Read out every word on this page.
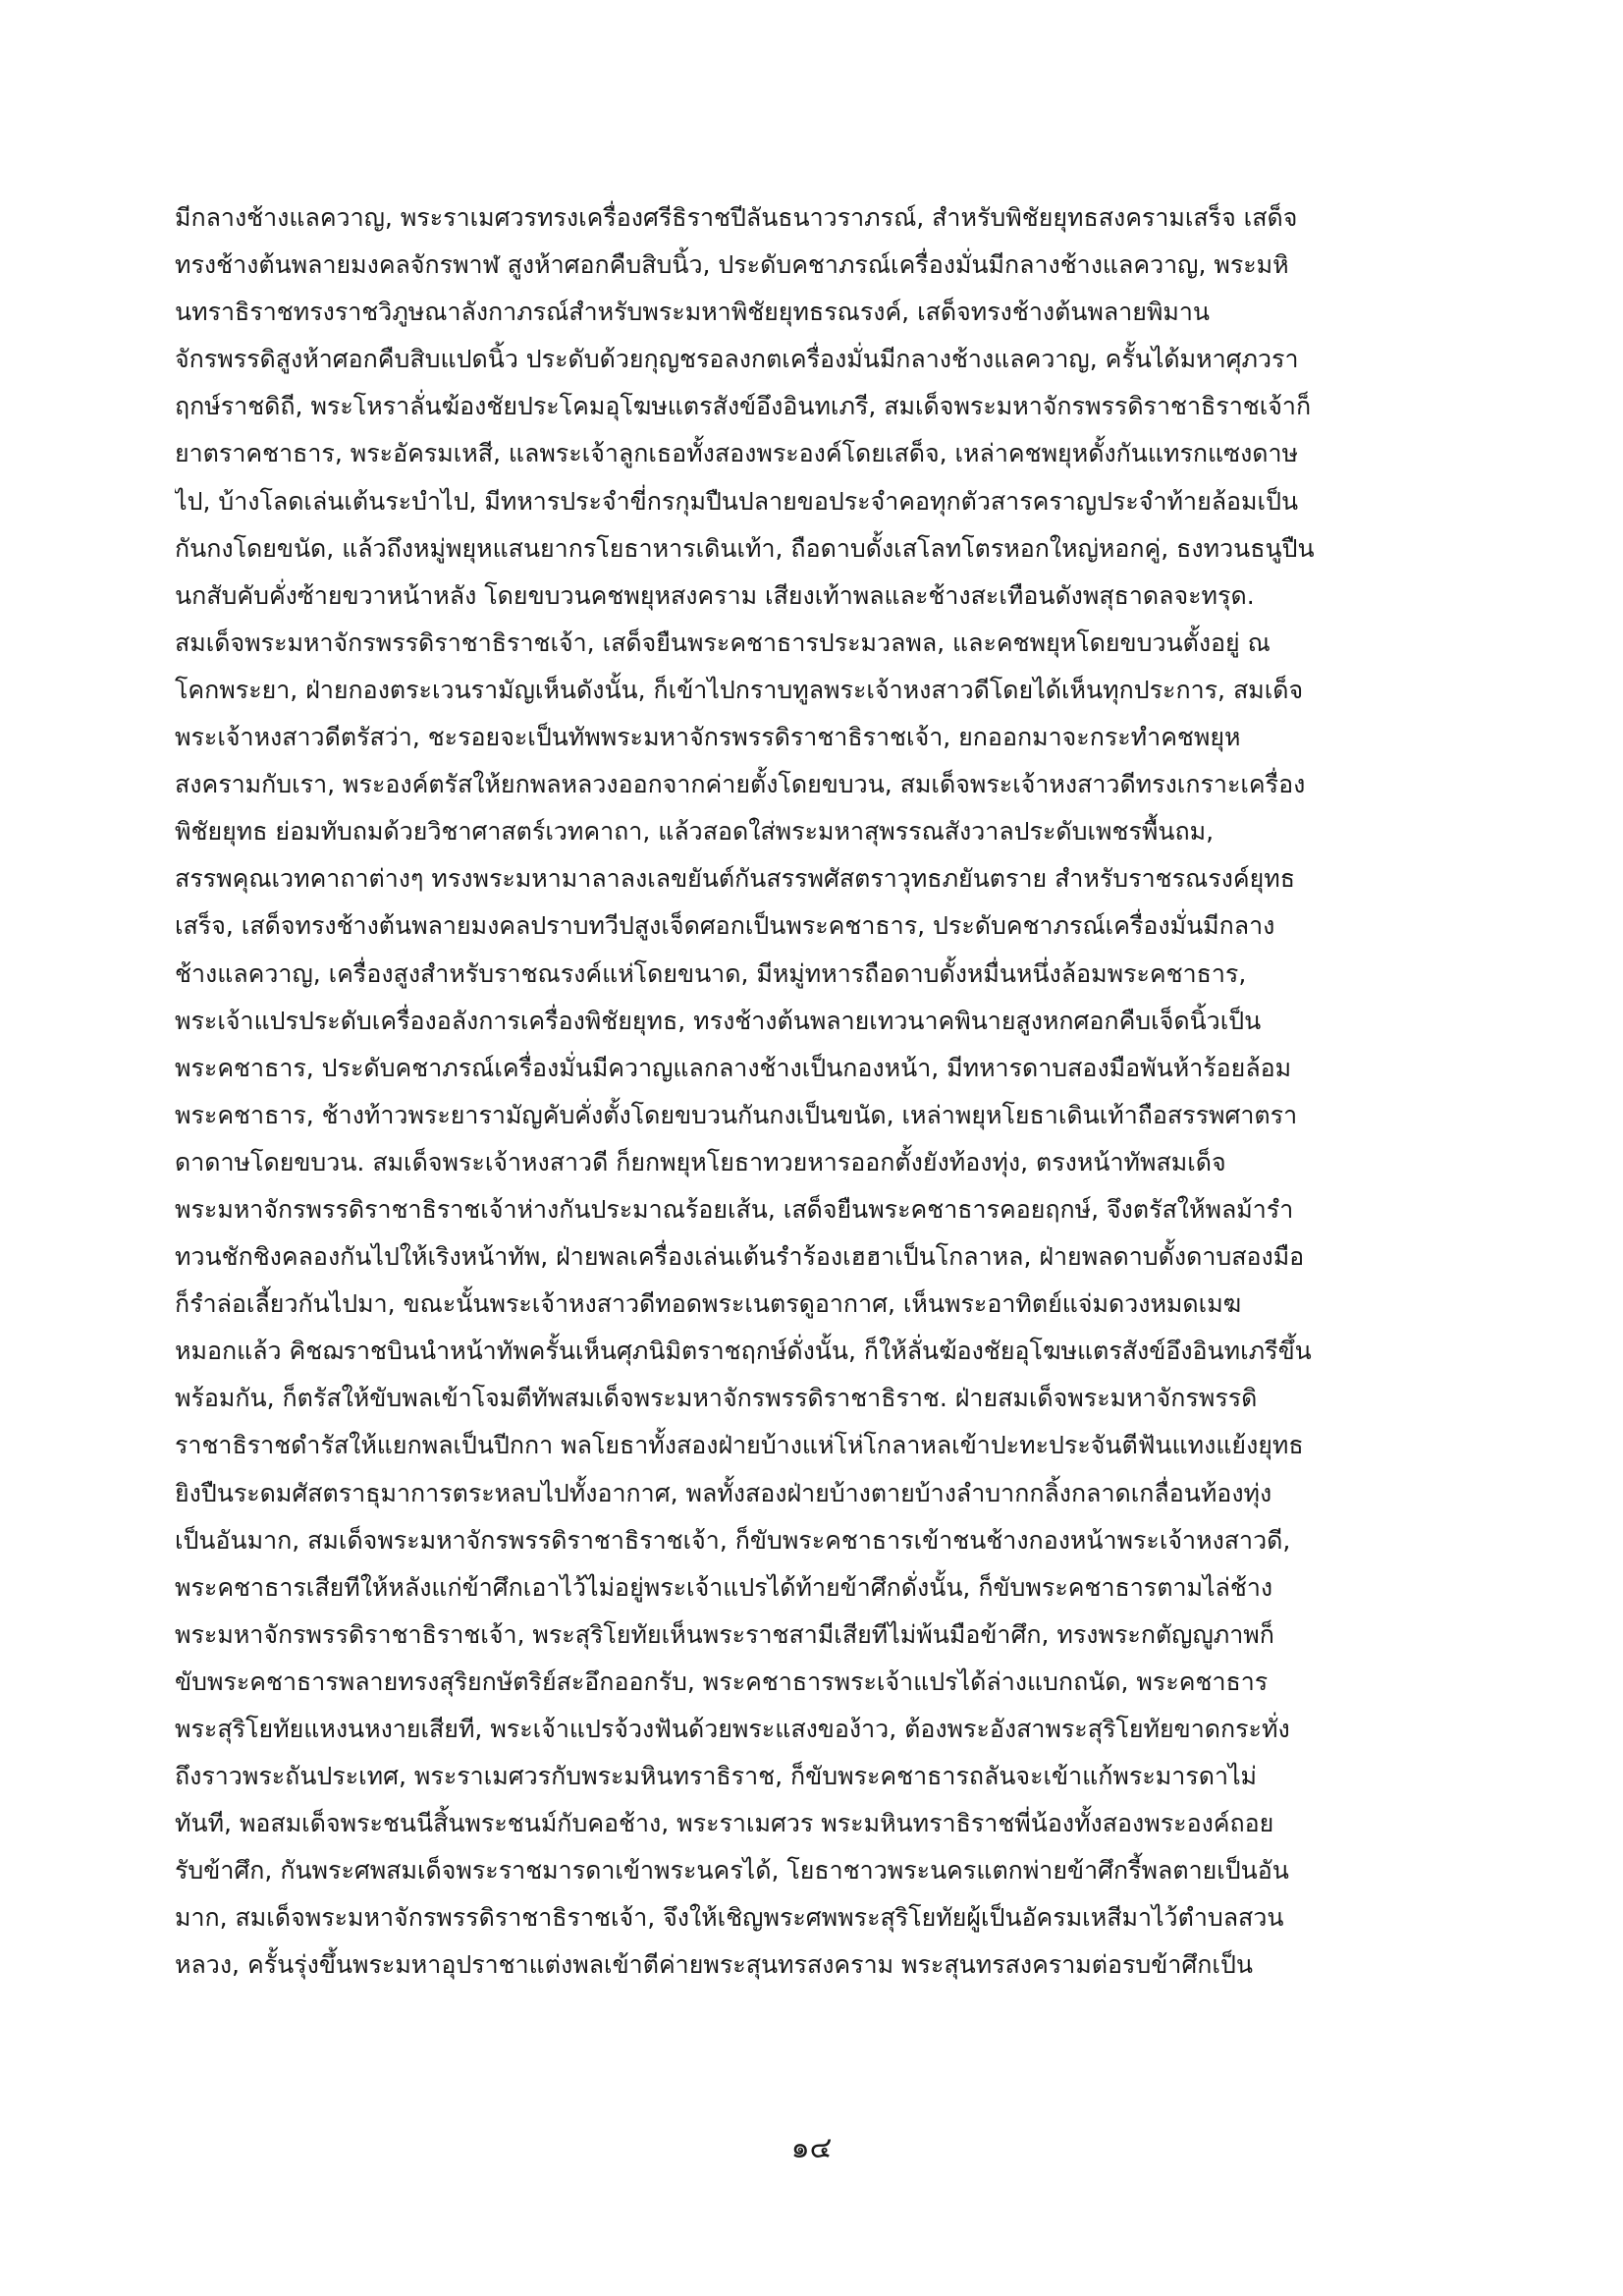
มีกลางช้างแลควาญ, พระราเมศวรทรงเครื่องศรีธิราชปีลันธนาวราภรณ์, สำหรับพิชัยยุทธสงครามเสร็จ เสด็จ
ทรงช้างต้นพลายมงคลจักรพาฬ สูงห้าศอกคืบสิบนิ้ว, ประดับคชาภรณ์เครื่องมั่นมีกลางช้างแลควาญ, พระมหิ
นทราธิราชทรงราชวิภูษณาลังกาภรณ์สำหรับพระมหาพิชัยยุทธรณรงค์, เสด็จทรงช้างต้นพลายพิมาน
จักรพรรดิสูงห้าศอกคืบสิบแปดนิ้ว ประดับด้วยกุญชรอลงกตเครื่องมั่นมีกลางช้างแลควาญ, ครั้นได้มหาศุภวรา
ฤกษ์ราชดิถี, พระโหราลั่นฆ้องชัยประโคมอุโฆษแตรสังข์อึงอินทเภรี, สมเด็จพระมหาจักรพรรดิราชาธิราชเจ้าก็
ยาตราคชาธาร, พระอัครมเหสี, แลพระเจ้าลูกเธอทั้งสองพระองค์โดยเสด็จ, เหล่าคชพยุหดั้งกันแทรกแซงดาษ
ไป, บ้างโลดเล่นเต้นระบำไป, มีทหารประจำขี่กรกุมปืนปลายขอประจำคอทุกตัวสารคราญประจำท้ายล้อมเป็น
กันกงโดยขนัด, แล้วถึงหมู่พยุหแสนยากรโยธาหารเดินเท้า, ถือดาบดั้งเสโลทโตรหอกใหญ่หอกคู่, ธงทวนธนูปืน
นกสับคับคั่งซ้ายขวาหน้าหลัง โดยขบวนคชพยุหสงคราม เสียงเท้าพลและช้างสะเทือนดังพสุธาดลจะทรุด.
สมเด็จพระมหาจักรพรรดิราชาธิราชเจ้า, เสด็จยืนพระคชาธารประมวลพล, และคชพยุหโดยขบวนตั้งอยู่ ณ
โคกพระยา, ฝ่ายกองตระเวนรามัญเห็นดังนั้น, ก็เข้าไปกราบทูลพระเจ้าหงสาวดีโดยได้เห็นทุกประการ, สมเด็จ
พระเจ้าหงสาวดีตรัสว่า, ชะรอยจะเป็นทัพพระมหาจักรพรรดิราชาธิราชเจ้า, ยกออกมาจะกระทำคชพยุห
สงครามกับเรา, พระองค์ตรัสให้ยกพลหลวงออกจากค่ายตั้งโดยขบวน, สมเด็จพระเจ้าหงสาวดีทรงเกราะเครื่อง
พิชัยยุทธ ย่อมทับถมด้วยวิชาศาสตร์เวทคาถา, แล้วสอดใส่พระมหาสุพรรณสังวาลประดับเพชรพื้นถม,
สรรพคุณเวทคาถาต่างๆ ทรงพระมหามาลาลงเลขยันต์กันสรรพศัสตราวุทธภยันตราย สำหรับราชรณรงค์ยุทธ
เสร็จ, เสด็จทรงช้างต้นพลายมงคลปราบทวีปสูงเจ็ดศอกเป็นพระคชาธาร, ประดับคชาภรณ์เครื่องมั่นมีกลาง
ช้างแลควาญ, เครื่องสูงสำหรับราชณรงค์แห่โดยขนาด, มีหมู่ทหารถือดาบดั้งหมื่นหนึ่งล้อมพระคชาธาร,
พระเจ้าแปรประดับเครื่องอลังการเครื่องพิชัยยุทธ, ทรงช้างต้นพลายเทวนาคพินายสูงหกศอกคืบเจ็ดนิ้วเป็น
พระคชาธาร, ประดับคชาภรณ์เครื่องมั่นมีควาญแลกลางช้างเป็นกองหน้า, มีทหารดาบสองมือพันห้าร้อยล้อม
พระคชาธาร, ช้างท้าวพระยารามัญคับคั่งตั้งโดยขบวนกันกงเป็นขนัด, เหล่าพยุหโยธาเดินเท้าถือสรรพศาตรา
ดาดาษโดยขบวน. สมเด็จพระเจ้าหงสาวดี ก็ยกพยุหโยธาทวยหารออกตั้งยังท้องทุ่ง, ตรงหน้าทัพสมเด็จ
พระมหาจักรพรรดิราชาธิราชเจ้าห่างกันประมาณร้อยเส้น, เสด็จยืนพระคชาธารคอยฤกษ์, จึงตรัสให้พลม้ารำ
ทวนชักชิงคลองกันไปให้เริงหน้าทัพ, ฝ่ายพลเครื่องเล่นเต้นรำร้องเฮฮาเป็นโกลาหล, ฝ่ายพลดาบดั้งดาบสองมือ
ก็รำล่อเลี้ยวกันไปมา, ขณะนั้นพระเจ้าหงสาวดีทอดพระเนตรดูอากาศ, เห็นพระอาทิตย์แจ่มดวงหมดเมฆ
หมอกแล้ว คิชฌราชบินนำหน้าทัพครั้นเห็นศุภนิมิตราชฤกษ์ดั่งนั้น, ก็ให้ลั่นฆ้องชัยอุโฆษแตรสังข์อึงอินทเภรีขึ้น
พร้อมกัน, ก็ตรัสให้ขับพลเข้าโจมตีทัพสมเด็จพระมหาจักรพรรดิราชาธิราช. ฝ่ายสมเด็จพระมหาจักรพรรดิ
ราชาธิราชดำรัสให้แยกพลเป็นปีกกา พลโยธาทั้งสองฝ่ายบ้างแห่โห่โกลาหลเข้าปะทะประจันตีฟันแทงแย้งยุทธ
ยิงปืนระดมศัสตราธุมาการตระหลบไปทั้งอากาศ, พลทั้งสองฝ่ายบ้างตายบ้างลำบากกลิ้งกลาดเกลื่อนท้องทุ่ง
เป็นอันมาก, สมเด็จพระมหาจักรพรรดิราชาธิราชเจ้า, ก็ขับพระคชาธารเข้าชนช้างกองหน้าพระเจ้าหงสาวดี,
พระคชาธารเสียทีให้หลังแก่ข้าศึกเอาไว้ไม่อยู่พระเจ้าแปรได้ท้ายข้าศึกดั่งนั้น, ก็ขับพระคชาธารตามไล่ช้าง
พระมหาจักรพรรดิราชาธิราชเจ้า, พระสุริโยทัยเห็นพระราชสามีเสียทีไม่พ้นมือข้าศึก, ทรงพระกตัญญูภาพก็
ขับพระคชาธารพลายทรงสุริยกษัตริย์สะอึกออกรับ, พระคชาธารพระเจ้าแปรได้ล่างแบกถนัด, พระคชาธาร
พระสุริโยทัยแหงนหงายเสียที, พระเจ้าแปรจ้วงฟันด้วยพระแสงของ้าว, ต้องพระอังสาพระสุริโยทัยขาดกระทั่ง
ถึงราวพระถันประเทศ, พระราเมศวรกับพระมหินทราธิราช, ก็ขับพระคชาธารถลันจะเข้าแก้พระมารดาไม่
ทันที, พอสมเด็จพระชนนีสิ้นพระชนม์กับคอช้าง, พระราเมศวร พระมหินทราธิราชพี่น้องทั้งสองพระองค์ถอย
รับข้าศึก, กันพระศพสมเด็จพระราชมารดาเข้าพระนครได้, โยธาชาวพระนครแตกพ่ายข้าศึกรี้พลตายเป็นอัน
มาก, สมเด็จพระมหาจักรพรรดิราชาธิราชเจ้า, จึงให้เชิญพระศพพระสุริโยทัยผู้เป็นอัครมเหสีมาไว้ตำบลสวน
หลวง, ครั้นรุ่งขึ้นพระมหาอุปราชาแต่งพลเข้าตีค่ายพระสุนทรสงคราม พระสุนทรสงครามต่อรบข้าศึกเป็น
๑๔
